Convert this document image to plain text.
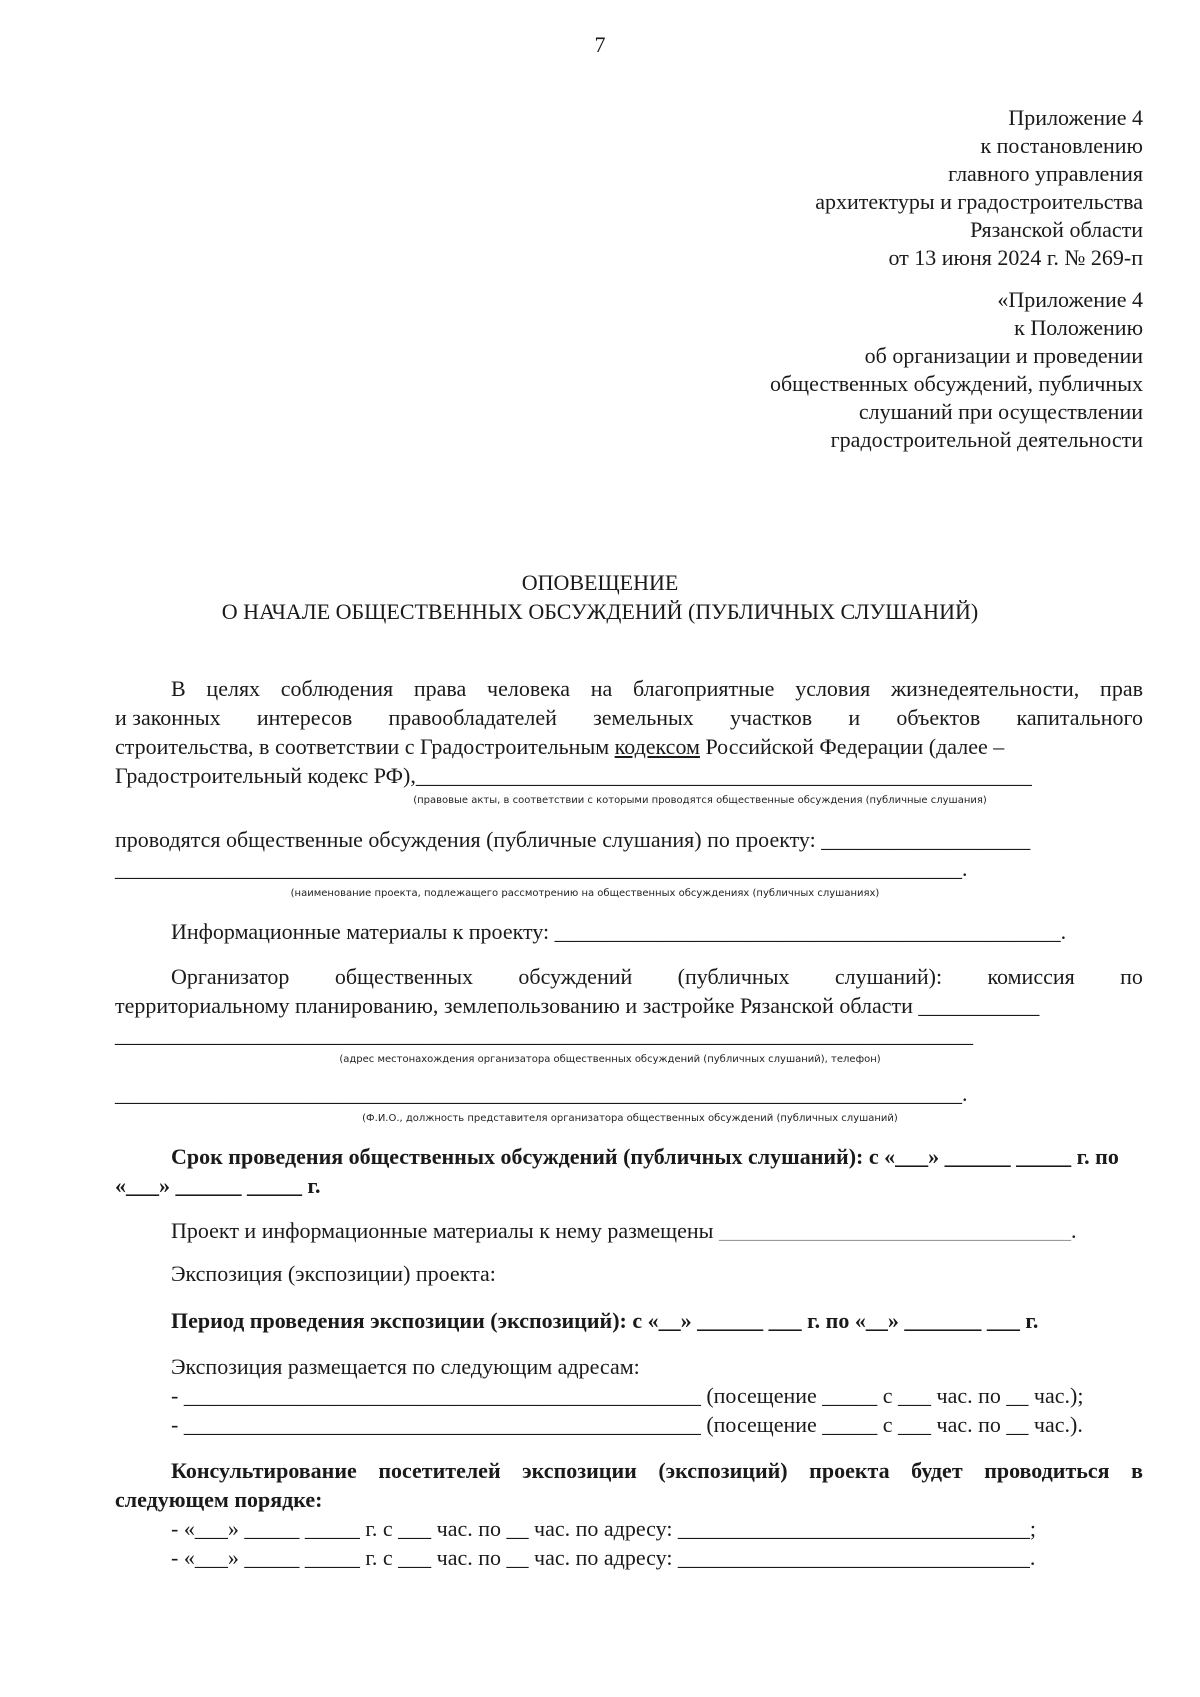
7
Приложение 4
к постановлению
главного управления
архитектуры и градостроительства
Рязанской области
от 13 июня 2024 г. № 269-п
«Приложение 4
к Положению
об организации и проведении
общественных обсуждений, публичных
слушаний при осуществлении
градостроительной деятельности
ОПОВЕЩЕНИЕ
О НАЧАЛЕ ОБЩЕСТВЕННЫХ ОБСУЖДЕНИЙ (ПУБЛИЧНЫХ СЛУШАНИЙ)
В целях соблюдения права человека на благоприятные условия жизнедеятельности, прав
и законных интересов правообладателей земельных участков и объектов капитального
строительства, в соответствии с Градостроительным кодексом Российской Федерации (далее –
Градостроительный кодекс РФ),________________________________________________________
(правовые акты, в соответствии с которыми проводятся общественные обсуждения (публичные слушания)
проводятся общественные обсуждения (публичные слушания) по проекту: ___________________
_____________________________________________________________________________.
(наименование проекта, подлежащего рассмотрению на общественных обсуждениях (публичных слушаниях)
Информационные материалы к проекту: ______________________________________________.
Организатор общественных обсуждений (публичных слушаний): комиссия по
территориальному планированию, землепользованию и застройке Рязанской области ___________
______________________________________________________________________________
(адрес местонахождения организатора общественных обсуждений (публичных слушаний), телефон)
_____________________________________________________________________________.
(Ф.И.О., должность представителя организатора общественных обсуждений (публичных слушаний)
Срок проведения общественных обсуждений (публичных слушаний): с «___» ______ _____ г. по
«___» ______ _____ г.
Проект и информационные материалы к нему размещены ________________________________.
Экспозиция (экспозиции) проекта:
Период проведения экспозиции (экспозиций): с «__» ______ ___ г. по «__» _______ ___ г.
Экспозиция размещается по следующим адресам:
- _______________________________________________ (посещение _____ с ___ час. по __ час.);
- _______________________________________________ (посещение _____ с ___ час. по __ час.).
Консультирование посетителей экспозиции (экспозиций) проекта будет проводиться в
следующем порядке:
- «___» _____ _____ г. с ___ час. по __ час. по адресу: ________________________________;
- «___» _____ _____ г. с ___ час. по __ час. по адресу: ________________________________.
